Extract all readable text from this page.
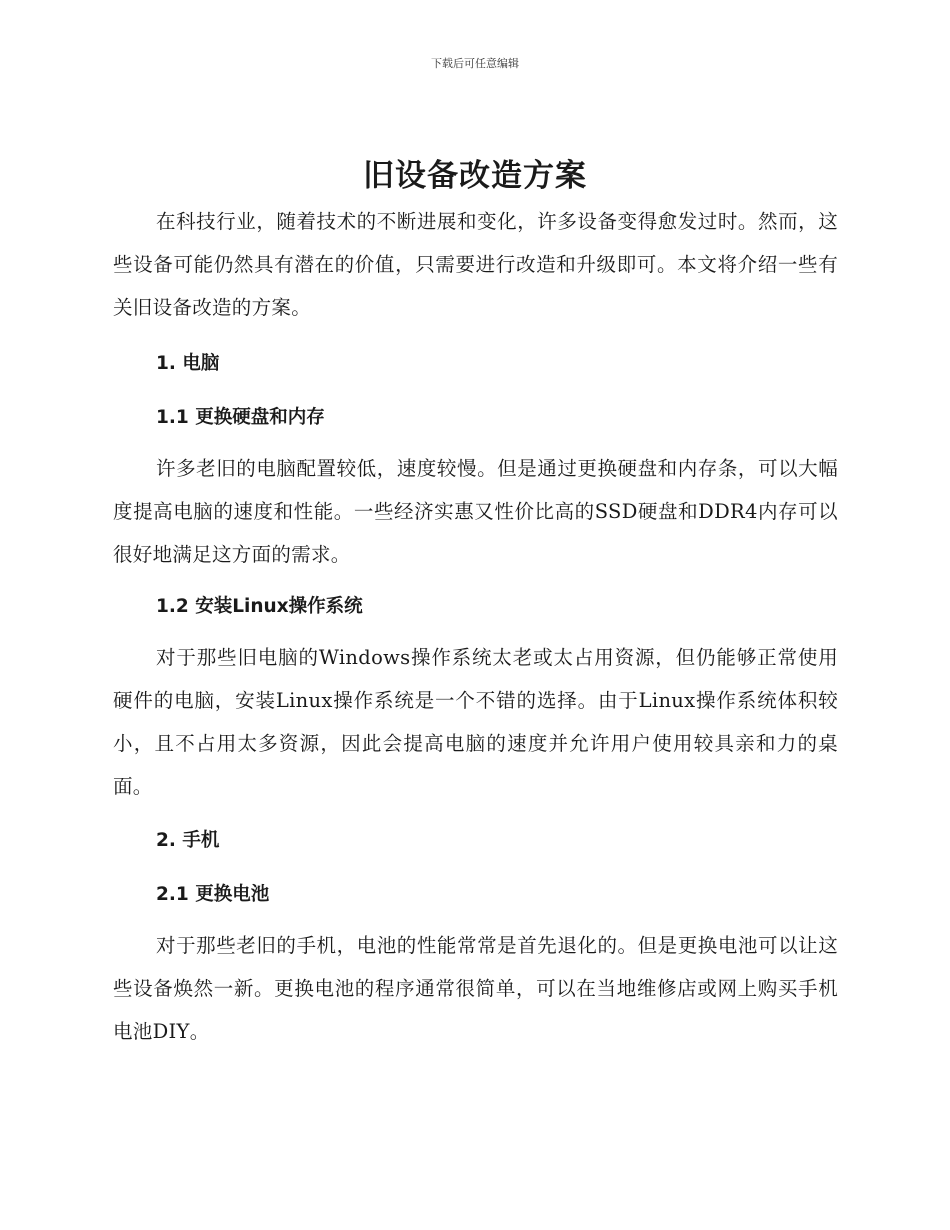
下载后可任意编辑
旧设备改造方案

在科技行业，随着技术的不断进展和变化，许多设备变得愈发过时。然而，这些设备可能仍然具有潜在的价值，只需要进行改造和升级即可。本文将介绍一些有关旧设备改造的方案。

1. 电脑
1.1 更换硬盘和内存

许多老旧的电脑配置较低，速度较慢。但是通过更换硬盘和内存条，可以大幅度提高电脑的速度和性能。一些经济实惠又性价比高的SSD硬盘和DDR4内存可以很好地满足这方面的需求。

1.2 安装Linux操作系统

对于那些旧电脑的Windows操作系统太老或太占用资源，但仍能够正常使用硬件的电脑，安装Linux操作系统是一个不错的选择。由于Linux操作系统体积较小，且不占用太多资源，因此会提高电脑的速度并允许用户使用较具亲和力的桌面。

2. 手机
2.1 更换电池

对于那些老旧的手机，电池的性能常常是首先退化的。但是更换电池可以让这些设备焕然一新。更换电池的程序通常很简单，可以在当地维修店或网上购买手机电池DIY。
